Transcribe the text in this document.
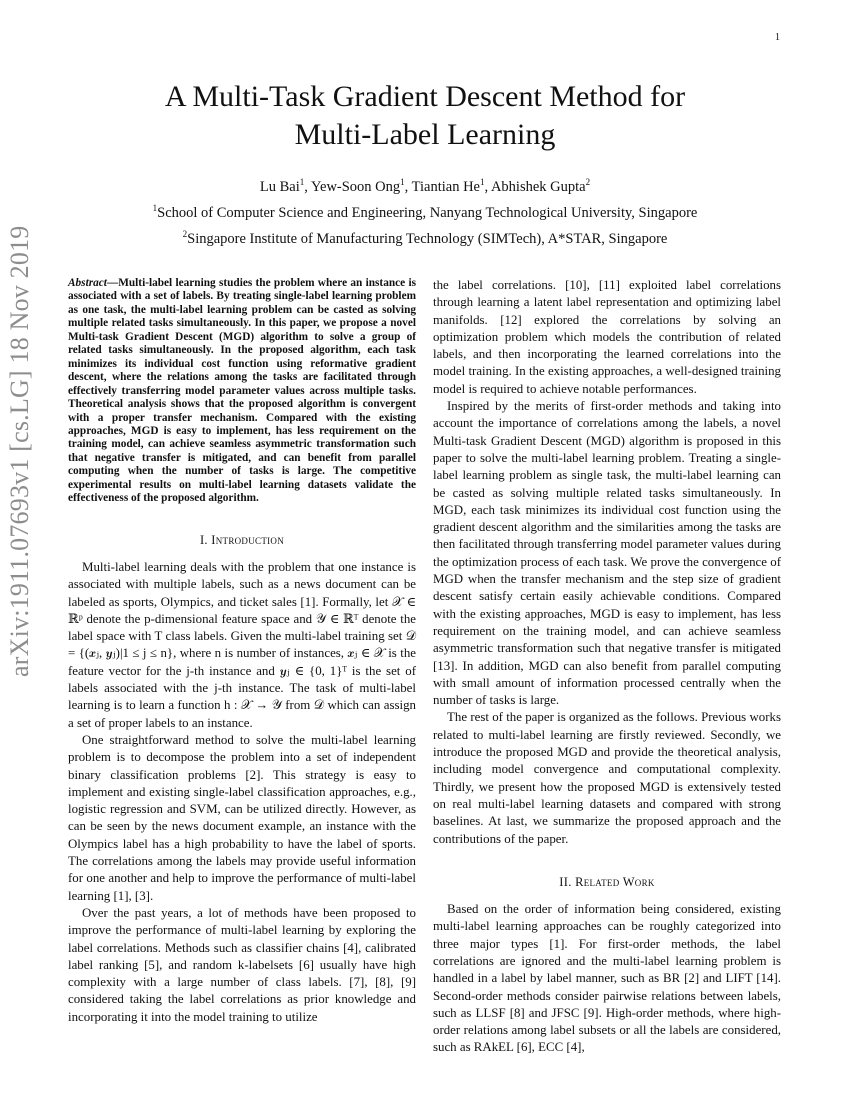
1
A Multi-Task Gradient Descent Method for
Multi-Label Learning
Lu Bai$^1$, Yew-Soon Ong$^1$, Tiantian He$^1$, Abhishek Gupta$^2$
$^1$School of Computer Science and Engineering, Nanyang Technological University, Singapore
$^2$Singapore Institute of Manufacturing Technology (SIMTech), A*STAR, Singapore
arXiv:1911.07693v1 [cs.LG] 18 Nov 2019	Abstract—Multi-label learning studies the problem where an instance is associated with a set of labels. By treating single-label learning problem as one task, the multi-label learning problem can be casted as solving multiple related tasks simultaneously. In this paper, we propose a novel Multi-task Gradient Descent (MGD) algorithm to solve a group of related tasks simultaneously. In the proposed algorithm, each task minimizes its individual cost function using reformative gradient descent, where the relations among the tasks are facilitated through effectively transferring model parameter values across multiple tasks. Theoretical analysis shows that the proposed algorithm is convergent with a proper transfer mechanism. Compared with the existing approaches, MGD is easy to implement, has less requirement on the training model, can achieve seamless asymmetric transformation such that negative transfer is mitigated, and can benefit from parallel computing when the number of tasks is large. The competitive experimental results on multi-label learning datasets validate the effectiveness of the proposed algorithm.

I. Introduction

Multi-label learning deals with the problem that one instance is associated with multiple labels, such as a news document can be labeled as sports, Olympics, and ticket sales [1]. Formally, let 𝒳 ∈ ℝᵖ denote the p-dimensional feature space and 𝒴 ∈ ℝᵀ denote the label space with T class labels. Given the multi-label training set 𝒟 = {(𝒙ⱼ, 𝒚ⱼ)|1 ≤ j ≤ n}, where n is number of instances, 𝒙ⱼ ∈ 𝒳 is the feature vector for the j-th instance and 𝒚ⱼ ∈ {0, 1}ᵀ is the set of labels associated with the j-th instance. The task of multi-label learning is to learn a function h : 𝒳 → 𝒴 from 𝒟 which can assign a set of proper labels to an instance.

One straightforward method to solve the multi-label learning problem is to decompose the problem into a set of independent binary classification problems [2]. This strategy is easy to implement and existing single-label classification approaches, e.g., logistic regression and SVM, can be utilized directly. However, as can be seen by the news document example, an instance with the Olympics label has a high probability to have the label of sports. The correlations among the labels may provide useful information for one another and help to improve the performance of multi-label learning [1], [3].

Over the past years, a lot of methods have been proposed to improve the performance of multi-label learning by exploring the label correlations. Methods such as classifier chains [4], calibrated label ranking [5], and random k-labelsets [6] usually have high complexity with a large number of class labels. [7], [8], [9] considered taking the label correlations as prior knowledge and incorporating it into the model training to utilize

the label correlations. [10], [11] exploited label correlations through learning a latent label representation and optimizing label manifolds. [12] explored the correlations by solving an optimization problem which models the contribution of related labels, and then incorporating the learned correlations into the model training. In the existing approaches, a well-designed training model is required to achieve notable performances.

Inspired by the merits of first-order methods and taking into account the importance of correlations among the labels, a novel Multi-task Gradient Descent (MGD) algorithm is proposed in this paper to solve the multi-label learning problem. Treating a single-label learning problem as single task, the multi-label learning can be casted as solving multiple related tasks simultaneously. In MGD, each task minimizes its individual cost function using the gradient descent algorithm and the similarities among the tasks are then facilitated through transferring model parameter values during the optimization process of each task. We prove the convergence of MGD when the transfer mechanism and the step size of gradient descent satisfy certain easily achievable conditions. Compared with the existing approaches, MGD is easy to implement, has less requirement on the training model, and can achieve seamless asymmetric transformation such that negative transfer is mitigated [13]. In addition, MGD can also benefit from parallel computing with small amount of information processed centrally when the number of tasks is large.

The rest of the paper is organized as the follows. Previous works related to multi-label learning are firstly reviewed. Secondly, we introduce the proposed MGD and provide the theoretical analysis, including model convergence and computational complexity. Thirdly, we present how the proposed MGD is extensively tested on real multi-label learning datasets and compared with strong baselines. At last, we summarize the proposed approach and the contributions of the paper.

II. Related Work

Based on the order of information being considered, existing multi-label learning approaches can be roughly categorized into three major types [1]. For first-order methods, the label correlations are ignored and the multi-label learning problem is handled in a label by label manner, such as BR [2] and LIFT [14]. Second-order methods consider pairwise relations between labels, such as LLSF [8] and JFSC [9]. High-order methods, where high-order relations among label subsets or all the labels are considered, such as RAkEL [6], ECC [4],
